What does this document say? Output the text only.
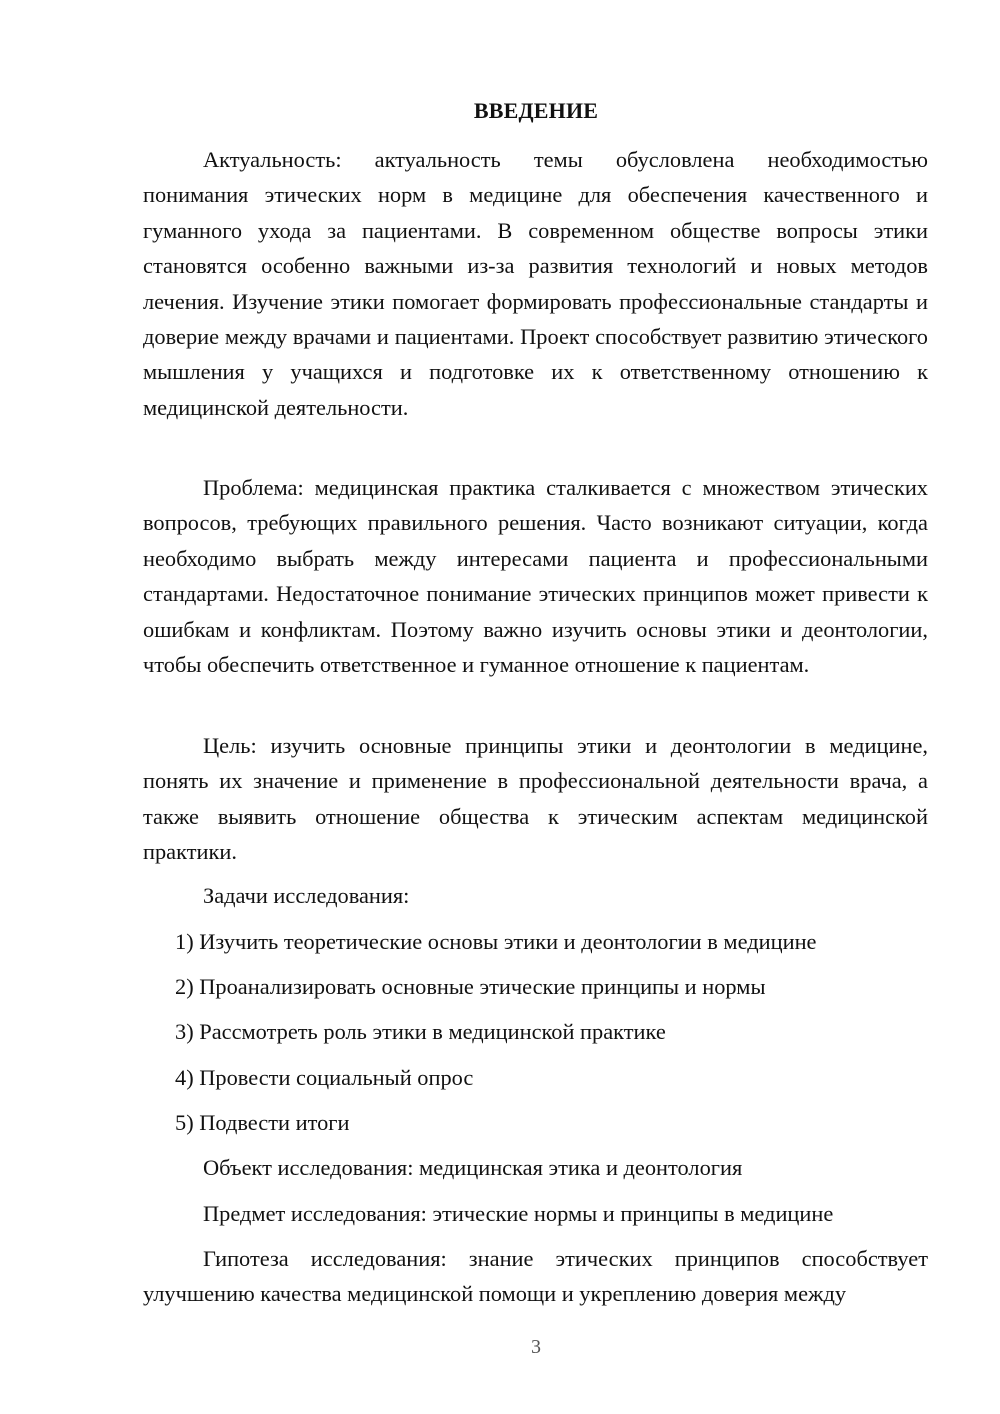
ВВЕДЕНИЕ

Актуальность: актуальность темы обусловлена необходимостью понимания этических норм в медицине для обеспечения качественного и гуманного ухода за пациентами. В современном обществе вопросы этики становятся особенно важными из-за развития технологий и новых методов лечения. Изучение этики помогает формировать профессиональные стандарты и доверие между врачами и пациентами. Проект способствует развитию этического мышления у учащихся и подготовке их к ответственному отношению к медицинской деятельности.

Проблема: медицинская практика сталкивается с множеством этических вопросов, требующих правильного решения. Часто возникают ситуации, когда необходимо выбрать между интересами пациента и профессиональными стандартами. Недостаточное понимание этических принципов может привести к ошибкам и конфликтам. Поэтому важно изучить основы этики и деонтологии, чтобы обеспечить ответственное и гуманное отношение к пациентам.

Цель: изучить основные принципы этики и деонтологии в медицине, понять их значение и применение в профессиональной деятельности врача, а также выявить отношение общества к этическим аспектам медицинской практики.

Задачи исследования:
1) Изучить теоретические основы этики и деонтологии в медицине
2) Проанализировать основные этические принципы и нормы
3) Рассмотреть роль этики в медицинской практике
4) Провести социальный опрос
5) Подвести итоги
Объект исследования: медицинская этика и деонтология
Предмет исследования: этические нормы и принципы в медицине

Гипотеза исследования: знание этических принципов способствует улучшению качества медицинской помощи и укреплению доверия между

3
